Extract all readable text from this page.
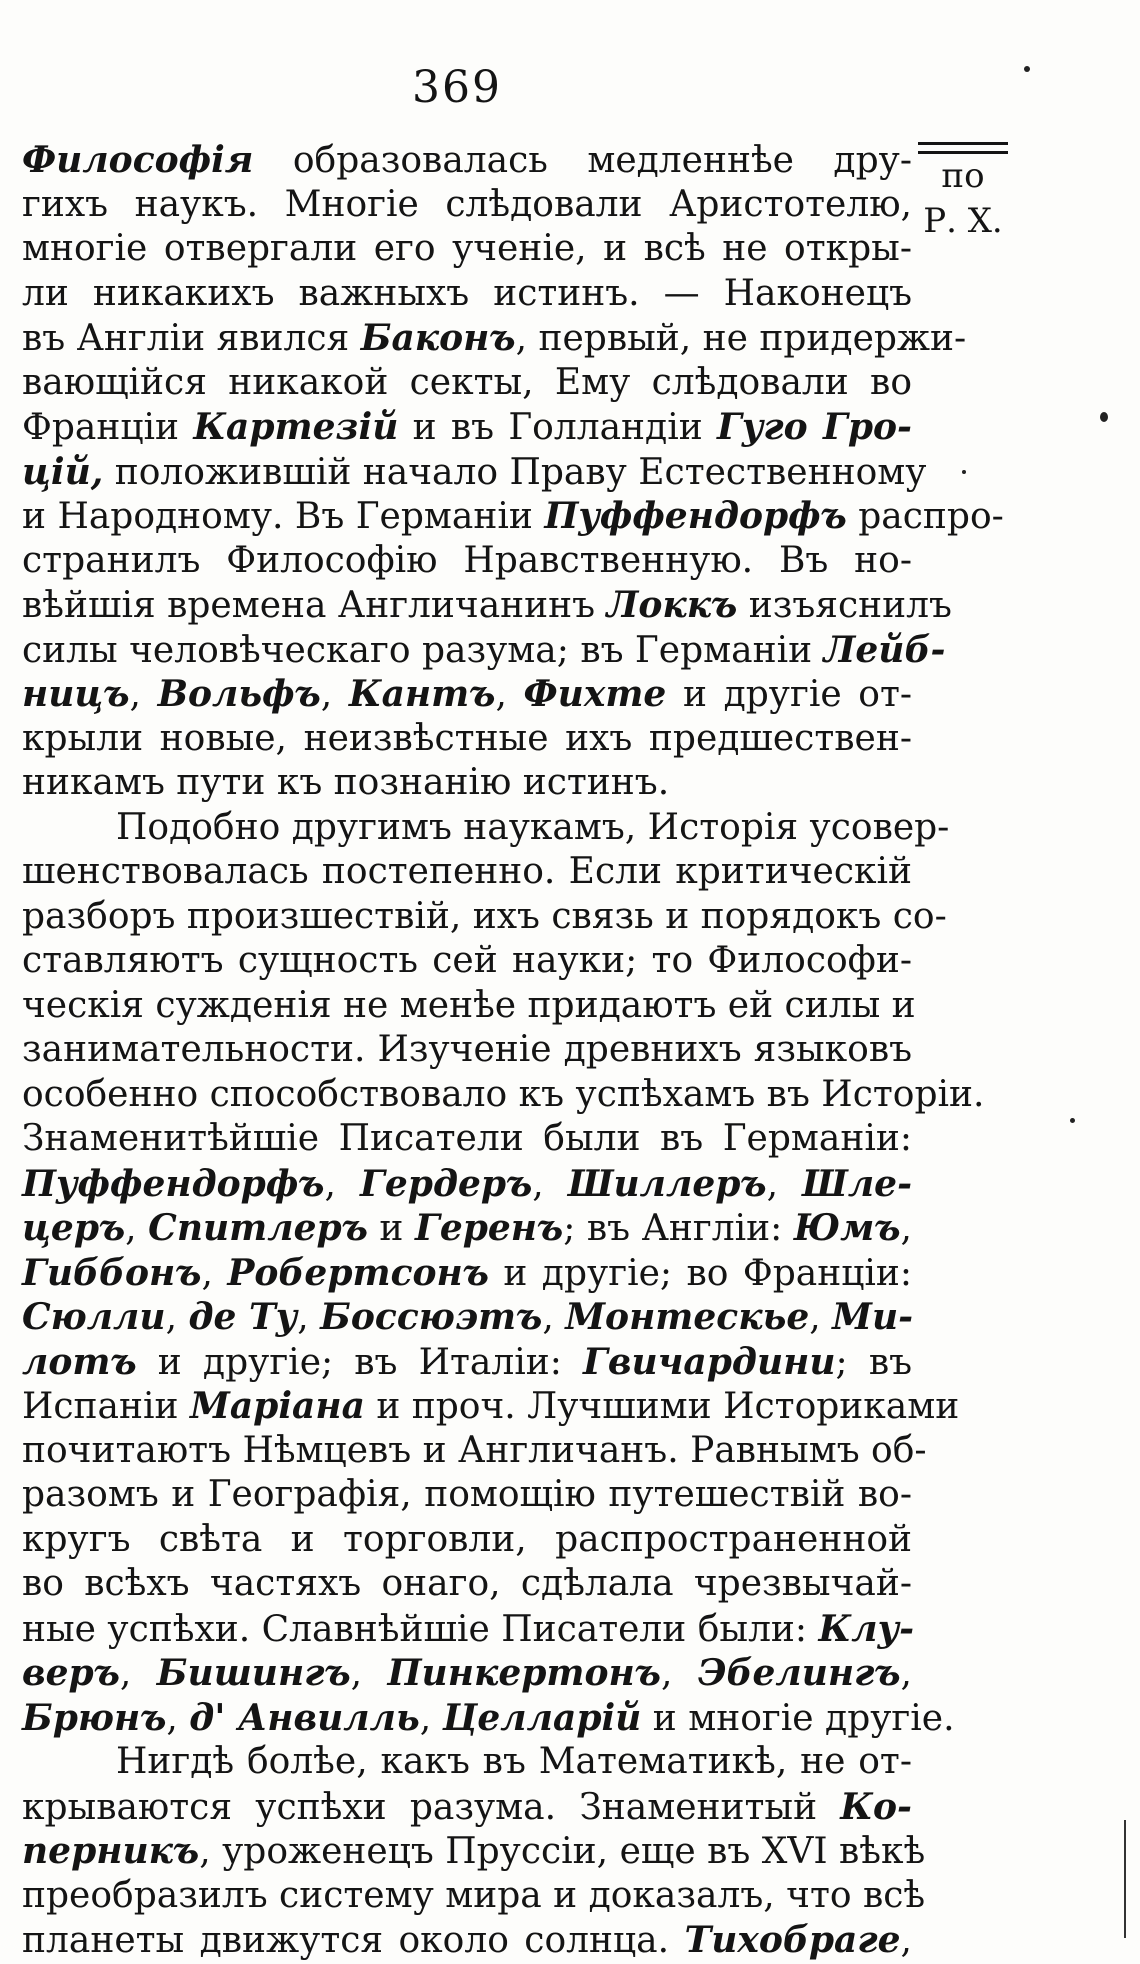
369
по
Р. Х.
Философія образовалась медленнѣе дру-
гихъ наукъ. Многіе слѣдовали Аристотелю,
многіе отвергали его ученіе, и всѣ не откры-
ли никакихъ важныхъ истинъ. — Наконецъ
въ Англіи явился Баконъ, первый, не придержи-
вающійся никакой секты, Ему слѣдовали во
Франціи Картезій и въ Голландіи Гуго Гро-
цій, положившій начало Праву Естественному
и Народному. Въ Германіи Пуффендорфъ распро-
странилъ Философію Нравственную. Въ но-
вѣйшія времена Англичанинъ Локкъ изъяснилъ
силы человѣческаго разума; въ Германіи Лейб-
ницъ, Вольфъ, Кантъ, Фихте и другіе от-
крыли новые, неизвѣстные ихъ предшествен-
никамъ пути къ познанію истинъ.
Подобно другимъ наукамъ, Исторія усовер-
шенствовалась постепенно. Если критическій
разборъ произшествій, ихъ связь и порядокъ со-
ставляютъ сущность сей науки; то Философи-
ческія сужденія не менѣе придаютъ ей силы и
занимательности. Изученіе древнихъ языковъ
особенно способствовало къ успѣхамъ въ Исторіи.
Знаменитѣйшіе Писатели были въ Германіи:
Пуффендорфъ, Гердеръ, Шиллеръ, Шле-
церъ, Спитлеръ и Геренъ; въ Англіи: Юмъ,
Гиббонъ, Робертсонъ и другіе; во Франціи:
Сюлли, де Ту, Боссюэтъ, Монтескье, Ми-
лотъ и другіе; въ Италіи: Гвичардини; въ
Испаніи Маріана и проч. Лучшими Историками
почитаютъ Нѣмцевъ и Англичанъ. Равнымъ об-
разомъ и Географія, помощію путешествій во-
кругъ свѣта и торговли, распространенной
во всѣхъ частяхъ онаго, сдѣлала чрезвычай-
ные успѣхи. Славнѣйшіе Писатели были: Клу-
веръ, Бишингъ, Пинкертонъ, Эбелингъ,
Брюнъ, д' Анвилль, Целларій и многіе другіе.
Нигдѣ болѣе, какъ въ Математикѣ, не от-
крываются успѣхи разума. Знаменитый Ко-
перникъ, уроженецъ Пруссіи, еще въ XVI вѣкѣ
преобразилъ систему мира и доказалъ, что всѣ
планеты движутся около солнца. Тихобраге,
